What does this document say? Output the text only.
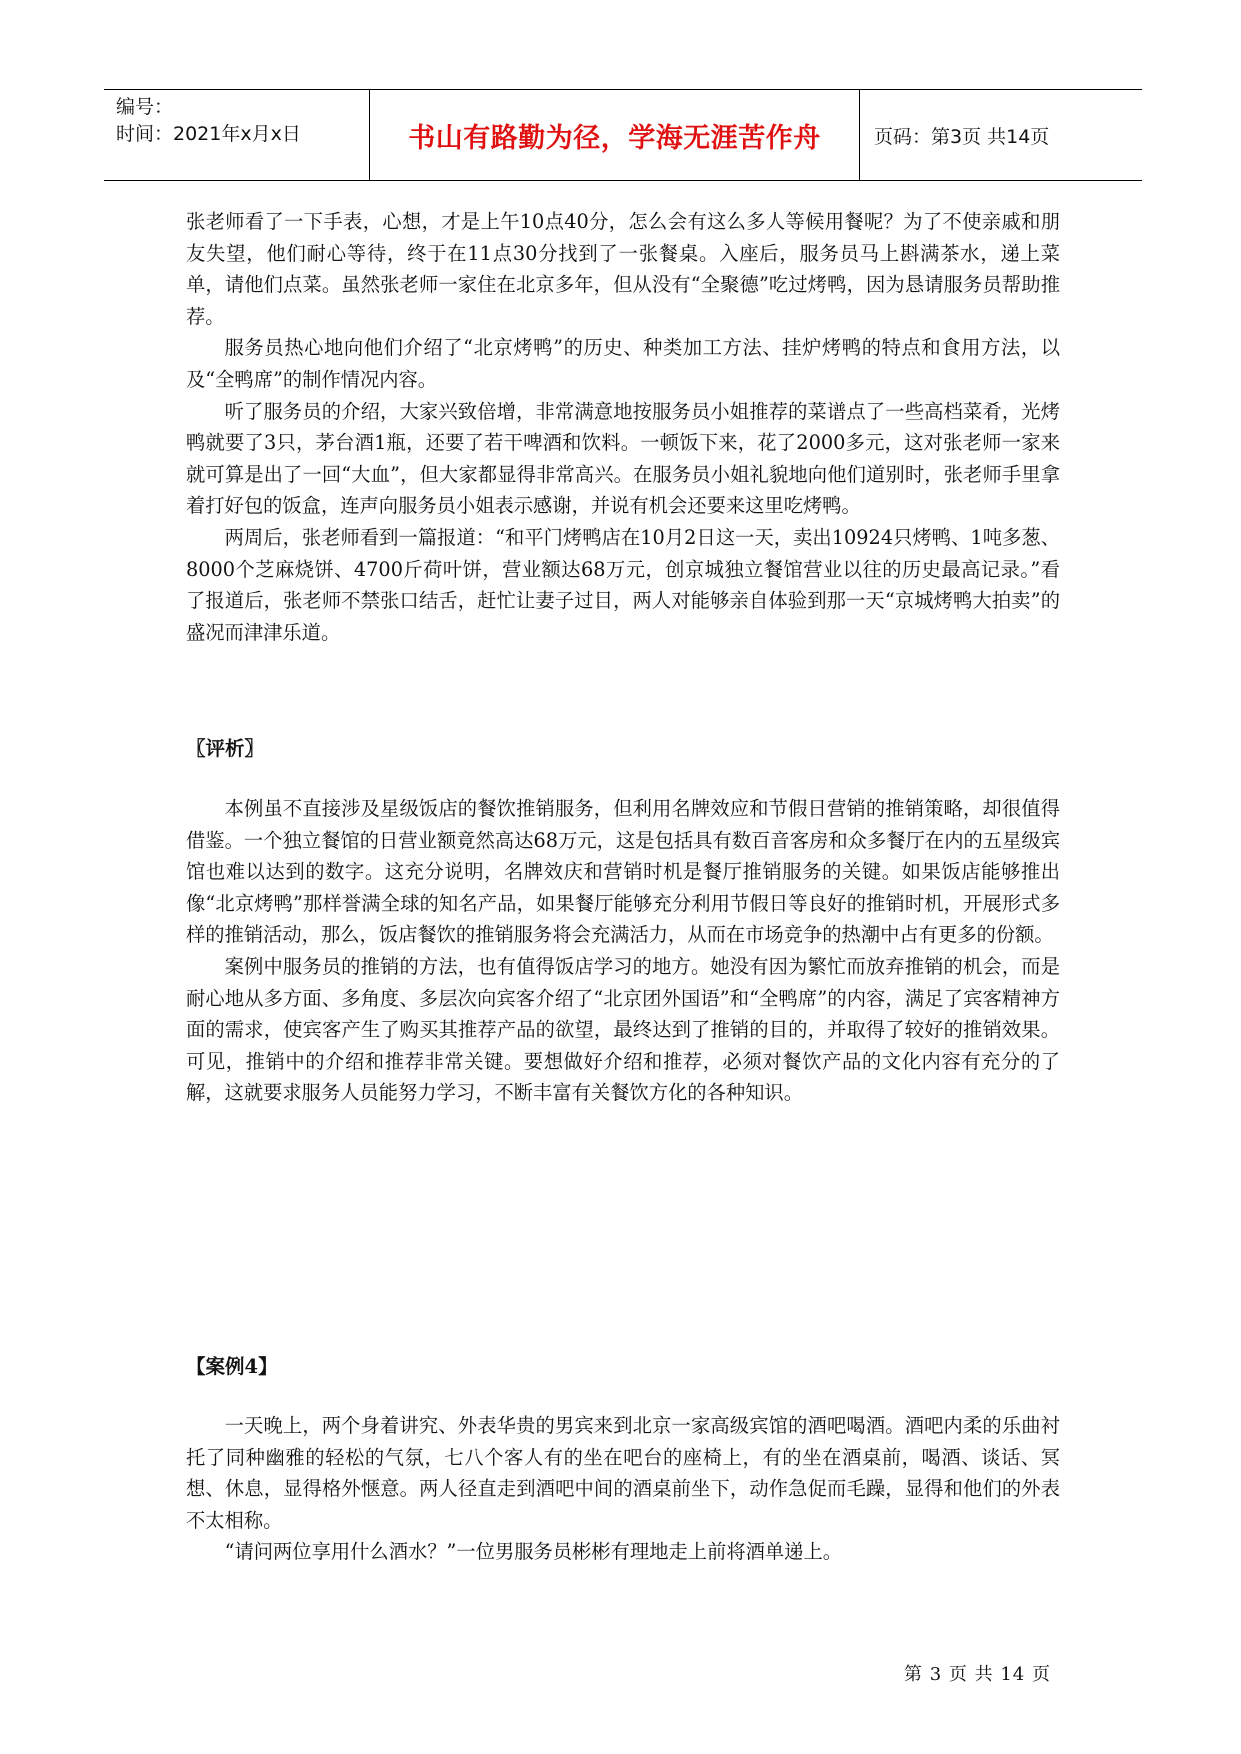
编号：
时间：2021年x月x日	书山有路勤为径，学海无涯苦作舟	页码：第3页 共14页

张老师看了一下手表，心想，才是上午10点40分，怎么会有这么多人等候用餐呢？为了不使亲戚和朋友失望，他们耐心等待，终于在11点30分找到了一张餐桌。入座后，服务员马上斟满茶水，递上菜单，请他们点菜。虽然张老师一家住在北京多年，但从没有“全聚德”吃过烤鸭，因为恳请服务员帮助推荐。

服务员热心地向他们介绍了“北京烤鸭”的历史、种类加工方法、挂炉烤鸭的特点和食用方法，以及“全鸭席”的制作情况内容。

听了服务员的介绍，大家兴致倍增，非常满意地按服务员小姐推荐的菜谱点了一些高档菜肴，光烤鸭就要了3只，茅台酒1瓶，还要了若干啤酒和饮料。一顿饭下来，花了2000多元，这对张老师一家来就可算是出了一回“大血”，但大家都显得非常高兴。在服务员小姐礼貌地向他们道别时，张老师手里拿着打好包的饭盒，连声向服务员小姐表示感谢，并说有机会还要来这里吃烤鸭。

两周后，张老师看到一篇报道：“和平门烤鸭店在10月2日这一天，卖出10924只烤鸭、1吨多葱、8000个芝麻烧饼、4700斤荷叶饼，营业额达68万元，创京城独立餐馆营业以往的历史最高记录。”看了报道后，张老师不禁张口结舌，赶忙让妻子过目，两人对能够亲自体验到那一天“京城烤鸭大拍卖”的盛况而津津乐道。

〖评析〗

本例虽不直接涉及星级饭店的餐饮推销服务，但利用名牌效应和节假日营销的推销策略，却很值得借鉴。一个独立餐馆的日营业额竟然高达68万元，这是包括具有数百音客房和众多餐厅在内的五星级宾馆也难以达到的数字。这充分说明，名牌效庆和营销时机是餐厅推销服务的关键。如果饭店能够推出像“北京烤鸭”那样誉满全球的知名产品，如果餐厅能够充分利用节假日等良好的推销时机，开展形式多样的推销活动，那么，饭店餐饮的推销服务将会充满活力，从而在市场竞争的热潮中占有更多的份额。

案例中服务员的推销的方法，也有值得饭店学习的地方。她没有因为繁忙而放弃推销的机会，而是耐心地从多方面、多角度、多层次向宾客介绍了“北京团外国语”和“全鸭席”的内容，满足了宾客精神方面的需求，使宾客产生了购买其推荐产品的欲望，最终达到了推销的目的，并取得了较好的推销效果。可见，推销中的介绍和推荐非常关键。要想做好介绍和推荐，必须对餐饮产品的文化内容有充分的了解，这就要求服务人员能努力学习，不断丰富有关餐饮方化的各种知识。

【案例4】

一天晚上，两个身着讲究、外表华贵的男宾来到北京一家高级宾馆的酒吧喝酒。酒吧内柔的乐曲衬托了同种幽雅的轻松的气氛，七八个客人有的坐在吧台的座椅上，有的坐在酒桌前，喝酒、谈话、冥想、休息，显得格外惬意。两人径直走到酒吧中间的酒桌前坐下，动作急促而毛躁，显得和他们的外表不太相称。

“请问两位享用什么酒水？”一位男服务员彬彬有理地走上前将酒单递上。

第 3 页 共 14 页
